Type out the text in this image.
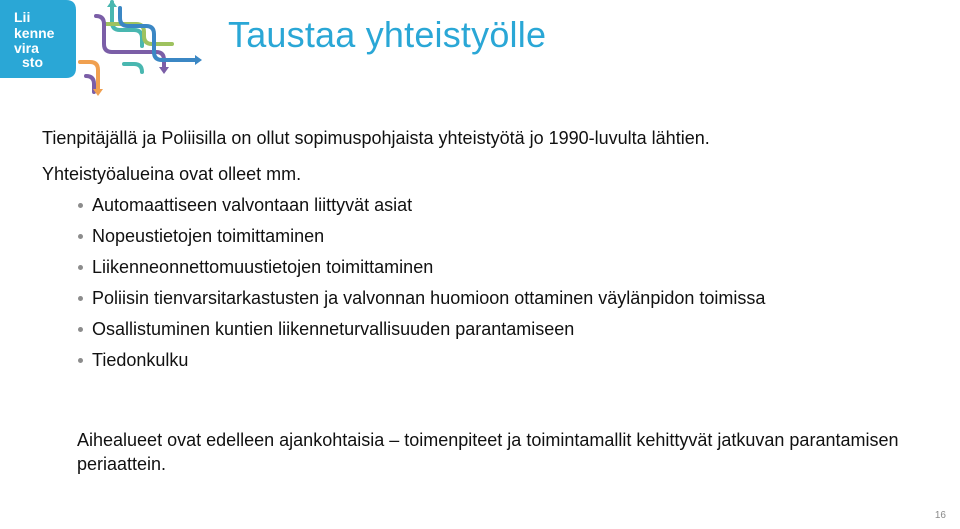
Lii
kenne
vira
sto
Taustaa yhteistyölle
Tienpitäjällä ja Poliisilla on ollut sopimuspohjaista yhteistyötä jo 1990-luvulta lähtien.
Yhteistyöalueina ovat olleet mm.
Automaattiseen valvontaan liittyvät asiat
Nopeustietojen toimittaminen
Liikenneonnettomuustietojen toimittaminen
Poliisin tienvarsitarkastusten ja valvonnan huomioon ottaminen väylänpidon toimissa
Osallistuminen kuntien liikenneturvallisuuden parantamiseen
Tiedonkulku
Aihealueet ovat edelleen ajankohtaisia – toimenpiteet ja toimintamallit kehittyvät jatkuvan parantamisen periaattein.
16
